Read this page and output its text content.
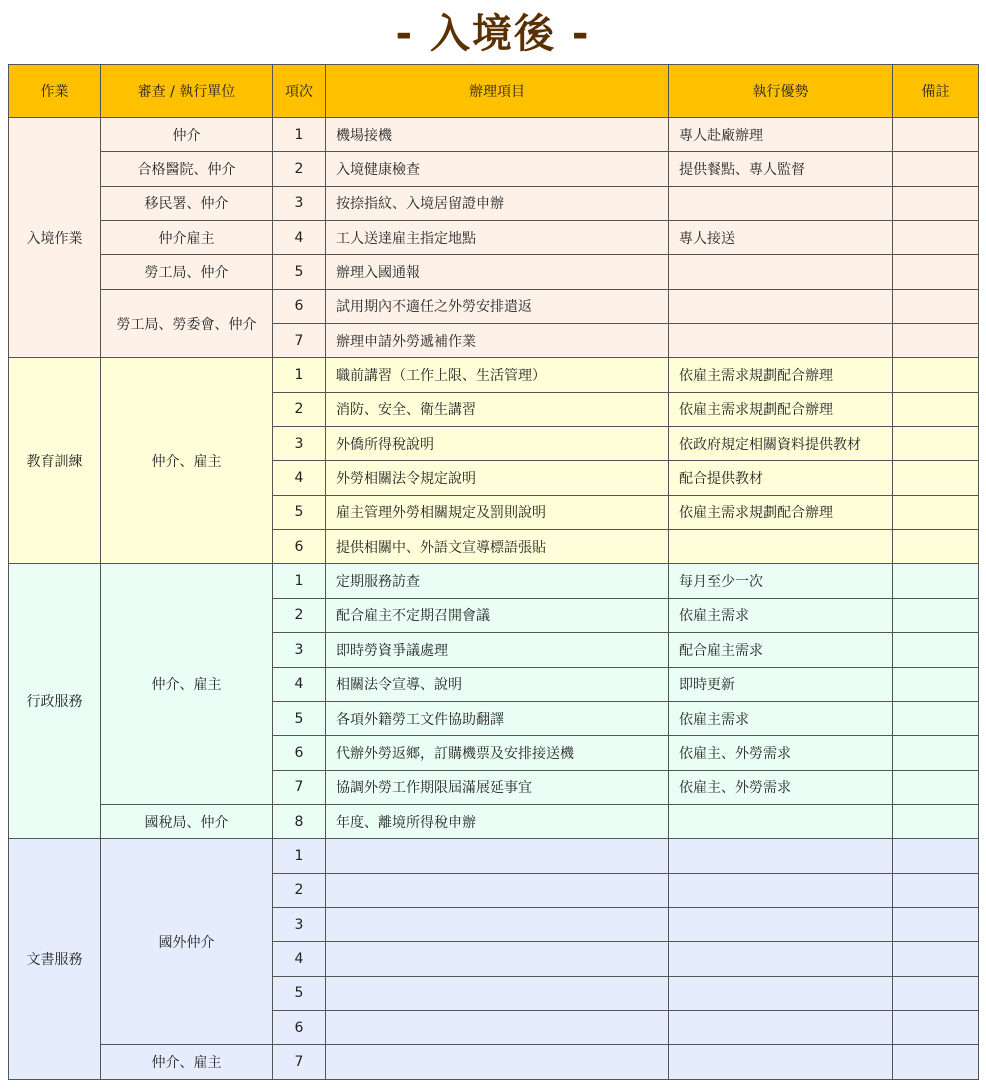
- 入境後 -
作業	審查 / 執行單位	項次	辦理項目	執行優勢	備註
入境作業	仲介	1	機場接機	專人赴廠辦理	
	合格醫院、仲介	2	入境健康檢查	提供餐點、專人監督	
	移民署、仲介	3	按捺指紋、入境居留證申辦		
	仲介雇主	4	工人送達雇主指定地點	專人接送	
	勞工局、仲介	5	辦理入國通報		
	勞工局、勞委會、仲介	6	試用期內不適任之外勞安排遣返		
		7	辦理申請外勞遞補作業		
教育訓練	仲介、雇主	1	職前講習（工作上限、生活管理）	依雇主需求規劃配合辦理	
		2	消防、安全、衛生講習	依雇主需求規劃配合辦理	
		3	外僑所得稅說明	依政府規定相關資料提供教材	
		4	外勞相關法令規定說明	配合提供教材	
		5	雇主管理外勞相關規定及罰則說明	依雇主需求規劃配合辦理	
		6	提供相關中、外語文宣導標語張貼		
行政服務	仲介、雇主	1	定期服務訪查	每月至少一次	
		2	配合雇主不定期召開會議	依雇主需求	
		3	即時勞資爭議處理	配合雇主需求	
		4	相關法令宣導、說明	即時更新	
		5	各項外籍勞工文件協助翻譯	依雇主需求	
		6	代辦外勞返鄉，訂購機票及安排接送機	依雇主、外勞需求	
		7	協調外勞工作期限屆滿展延事宜	依雇主、外勞需求	
	國稅局、仲介	8	年度、離境所得稅申辦		
文書服務	國外仲介	1			
		2			
		3			
		4			
		5			
		6			
	仲介、雇主	7			
